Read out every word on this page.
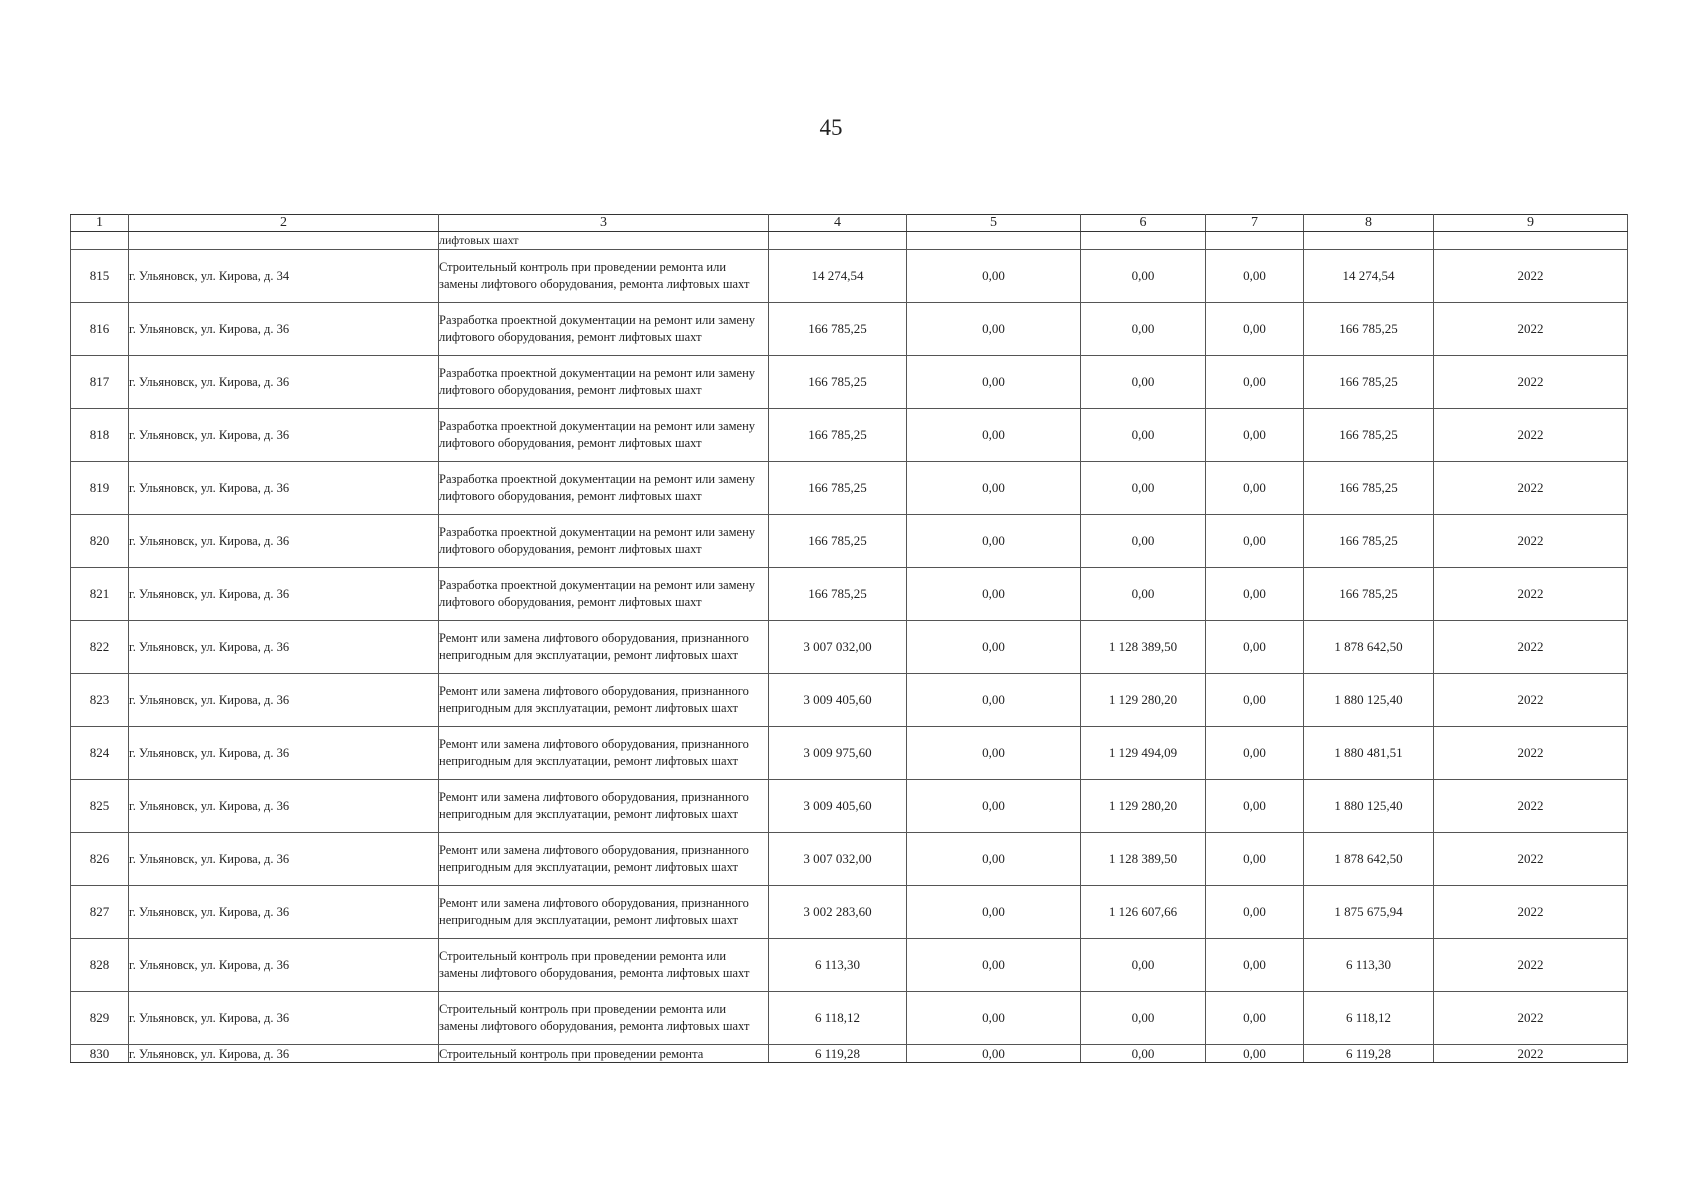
45
1	2	3	4	5	6	7	8	9
		лифтовых шахт						
815	г. Ульяновск, ул. Кирова, д. 34	Строительный контроль при проведении ремонта или замены лифтового оборудования, ремонта лифтовых шахт	14 274,54	0,00	0,00	0,00	14 274,54	2022
816	г. Ульяновск, ул. Кирова, д. 36	Разработка проектной документации на ремонт или замену лифтового оборудования, ремонт лифтовых шахт	166 785,25	0,00	0,00	0,00	166 785,25	2022
817	г. Ульяновск, ул. Кирова, д. 36	Разработка проектной документации на ремонт или замену лифтового оборудования, ремонт лифтовых шахт	166 785,25	0,00	0,00	0,00	166 785,25	2022
818	г. Ульяновск, ул. Кирова, д. 36	Разработка проектной документации на ремонт или замену лифтового оборудования, ремонт лифтовых шахт	166 785,25	0,00	0,00	0,00	166 785,25	2022
819	г. Ульяновск, ул. Кирова, д. 36	Разработка проектной документации на ремонт или замену лифтового оборудования, ремонт лифтовых шахт	166 785,25	0,00	0,00	0,00	166 785,25	2022
820	г. Ульяновск, ул. Кирова, д. 36	Разработка проектной документации на ремонт или замену лифтового оборудования, ремонт лифтовых шахт	166 785,25	0,00	0,00	0,00	166 785,25	2022
821	г. Ульяновск, ул. Кирова, д. 36	Разработка проектной документации на ремонт или замену лифтового оборудования, ремонт лифтовых шахт	166 785,25	0,00	0,00	0,00	166 785,25	2022
822	г. Ульяновск, ул. Кирова, д. 36	Ремонт или замена лифтового оборудования, признанного непригодным для эксплуатации, ремонт лифтовых шахт	3 007 032,00	0,00	1 128 389,50	0,00	1 878 642,50	2022
823	г. Ульяновск, ул. Кирова, д. 36	Ремонт или замена лифтового оборудования, признанного непригодным для эксплуатации, ремонт лифтовых шахт	3 009 405,60	0,00	1 129 280,20	0,00	1 880 125,40	2022
824	г. Ульяновск, ул. Кирова, д. 36	Ремонт или замена лифтового оборудования, признанного непригодным для эксплуатации, ремонт лифтовых шахт	3 009 975,60	0,00	1 129 494,09	0,00	1 880 481,51	2022
825	г. Ульяновск, ул. Кирова, д. 36	Ремонт или замена лифтового оборудования, признанного непригодным для эксплуатации, ремонт лифтовых шахт	3 009 405,60	0,00	1 129 280,20	0,00	1 880 125,40	2022
826	г. Ульяновск, ул. Кирова, д. 36	Ремонт или замена лифтового оборудования, признанного непригодным для эксплуатации, ремонт лифтовых шахт	3 007 032,00	0,00	1 128 389,50	0,00	1 878 642,50	2022
827	г. Ульяновск, ул. Кирова, д. 36	Ремонт или замена лифтового оборудования, признанного непригодным для эксплуатации, ремонт лифтовых шахт	3 002 283,60	0,00	1 126 607,66	0,00	1 875 675,94	2022
828	г. Ульяновск, ул. Кирова, д. 36	Строительный контроль при проведении ремонта или замены лифтового оборудования, ремонта лифтовых шахт	6 113,30	0,00	0,00	0,00	6 113,30	2022
829	г. Ульяновск, ул. Кирова, д. 36	Строительный контроль при проведении ремонта или замены лифтового оборудования, ремонта лифтовых шахт	6 118,12	0,00	0,00	0,00	6 118,12	2022
830	г. Ульяновск, ул. Кирова, д. 36	Строительный контроль при проведении ремонта	6 119,28	0,00	0,00	0,00	6 119,28	2022
